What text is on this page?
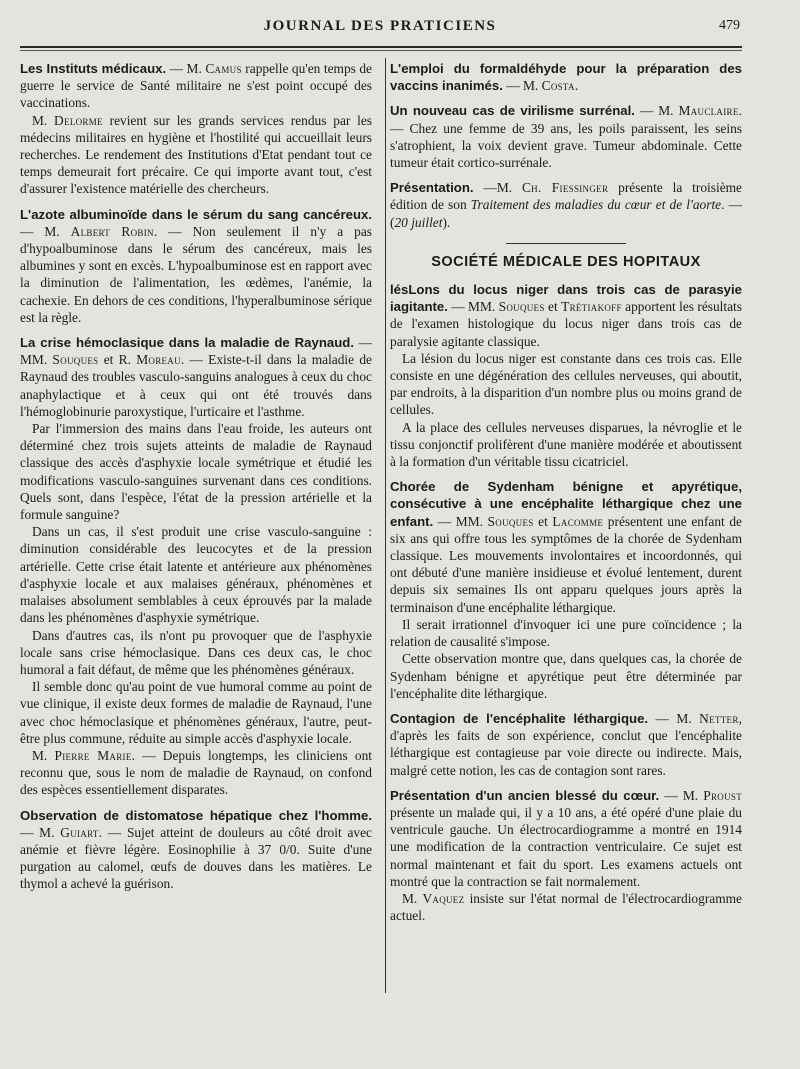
JOURNAL DES PRATICIENS	479

Les Instituts médicaux. — M. Camus rappelle qu'en temps de guerre le service de Santé militaire ne s'est point occupé des vaccinations.

M. Delorme revient sur les grands services rendus par les médecins militaires en hygiène et l'hostilité qui accueillait leurs recherches. Le rendement des Institutions d'Etat pendant tout ce temps demeurait fort précaire. Ce qui importe avant tout, c'est d'assurer l'existence matérielle des chercheurs.

L'azote albuminoïde dans le sérum du sang cancéreux. — M. Albert Robin. — Non seulement il n'y a pas d'hypoalbuminose dans le sérum des cancéreux, mais les albumines y sont en excès. L'hypoalbuminose est en rapport avec la diminution de l'alimentation, les œdèmes, l'anémie, la cachexie. En dehors de ces conditions, l'hyperalbuminose sérique est la règle.

La crise hémoclasique dans la maladie de Raynaud. — MM. Souques et R. Moreau. — Existe-t-il dans la maladie de Raynaud des troubles vasculo-sanguins analogues à ceux du choc anaphylactique et à ceux qui ont été trouvés dans l'hémoglobinurie paroxystique, l'urticaire et l'asthme.

Par l'immersion des mains dans l'eau froide, les auteurs ont déterminé chez trois sujets atteints de maladie de Raynaud classique des accès d'asphyxie locale symétrique et étudié les modifications vasculo-sanguines survenant dans ces conditions. Quels sont, dans l'espèce, l'état de la pression artérielle et la formule sanguine?

Dans un cas, il s'est produit une crise vasculo-sanguine : diminution considérable des leucocytes et de la pression artérielle. Cette crise était latente et antérieure aux phénomènes d'asphyxie locale et aux malaises généraux, phénomènes et malaises absolument semblables à ceux éprouvés par la malade dans les phénomènes d'asphyxie symétrique.

Dans d'autres cas, ils n'ont pu provoquer que de l'asphyxie locale sans crise hémoclasique. Dans ces deux cas, le choc humoral a fait défaut, de même que les phénomènes généraux.

Il semble donc qu'au point de vue humoral comme au point de vue clinique, il existe deux formes de maladie de Raynaud, l'une avec choc hémoclasique et phénomènes généraux, l'autre, peut-être plus commune, réduite au simple accès d'asphyxie locale.

M. Pierre Marie. — Depuis longtemps, les cliniciens ont reconnu que, sous le nom de maladie de Raynaud, on confond des espèces essentiellement disparates.

Observation de distomatose hépatique chez l'homme. — M. Guiart. — Sujet atteint de douleurs au côté droit avec anémie et fièvre légère. Eosinophilie à 37 0/0. Suite d'une purgation au calomel, œufs de douves dans les matières. Le thymol a achevé la guérison.

L'emploi du formaldéhyde pour la préparation des vaccins inanimés. — M. Costa.

Un nouveau cas de virilisme surrénal. — M. Mauclaire. — Chez une femme de 39 ans, les poils paraissent, les seins s'atrophient, la voix devient grave. Tumeur abdominale. Cette tumeur était cortico-surrénale.

Présentation. —M. Ch. Fiessinger présente la troisième édition de son Traitement des maladies du cœur et de l'aorte. — (20 juillet).

SOCIÉTÉ MÉDICALE DES HOPITAUX

lésLons du locus niger dans trois cas de parasyie iagitante. — MM. Souques et Trétiakoff apportent les résultats de l'examen histologique du locus niger dans trois cas de paralysie agitante classique.

La lésion du locus niger est constante dans ces trois cas. Elle consiste en une dégénération des cellules nerveuses, qui aboutit, par endroits, à la disparition d'un nombre plus ou moins grand de cellules.

A la place des cellules nerveuses disparues, la névroglie et le tissu conjonctif prolifèrent d'une manière modérée et aboutissent à la formation d'un véritable tissu cicatriciel.

Chorée de Sydenham bénigne et apyrétique, consécutive à une encéphalite léthargique chez une enfant. — MM. Souques et Lacomme présentent une enfant de six ans qui offre tous les symptômes de la chorée de Sydenham classique. Les mouvements involontaires et incoordonnés, qui ont débuté d'une manière insidieuse et évolué lentement, durent depuis six semaines Ils ont apparu quelques jours après la terminaison d'une encéphalite léthargique.

Il serait irrationnel d'invoquer ici une pure coïncidence ; la relation de causalité s'impose.

Cette observation montre que, dans quelques cas, la chorée de Sydenham bénigne et apyrétique peut être déterminée par l'encéphalite dite léthargique.

Contagion de l'encéphalite léthargique. — M. Netter, d'après les faits de son expérience, conclut que l'encéphalite léthargique est contagieuse par voie directe ou indirecte. Mais, malgré cette notion, les cas de contagion sont rares.

Présentation d'un ancien blessé du cœur. — M. Proust présente un malade qui, il y a 10 ans, a été opéré d'une plaie du ventricule gauche. Un électrocardiogramme a montré en 1914 une modification de la contraction ventriculaire. Ce sujet est normal maintenant et fait du sport. Les examens actuels ont montré que la contraction se fait normalement.

M. Vaquez insiste sur l'état normal de l'électrocardiogramme actuel.
